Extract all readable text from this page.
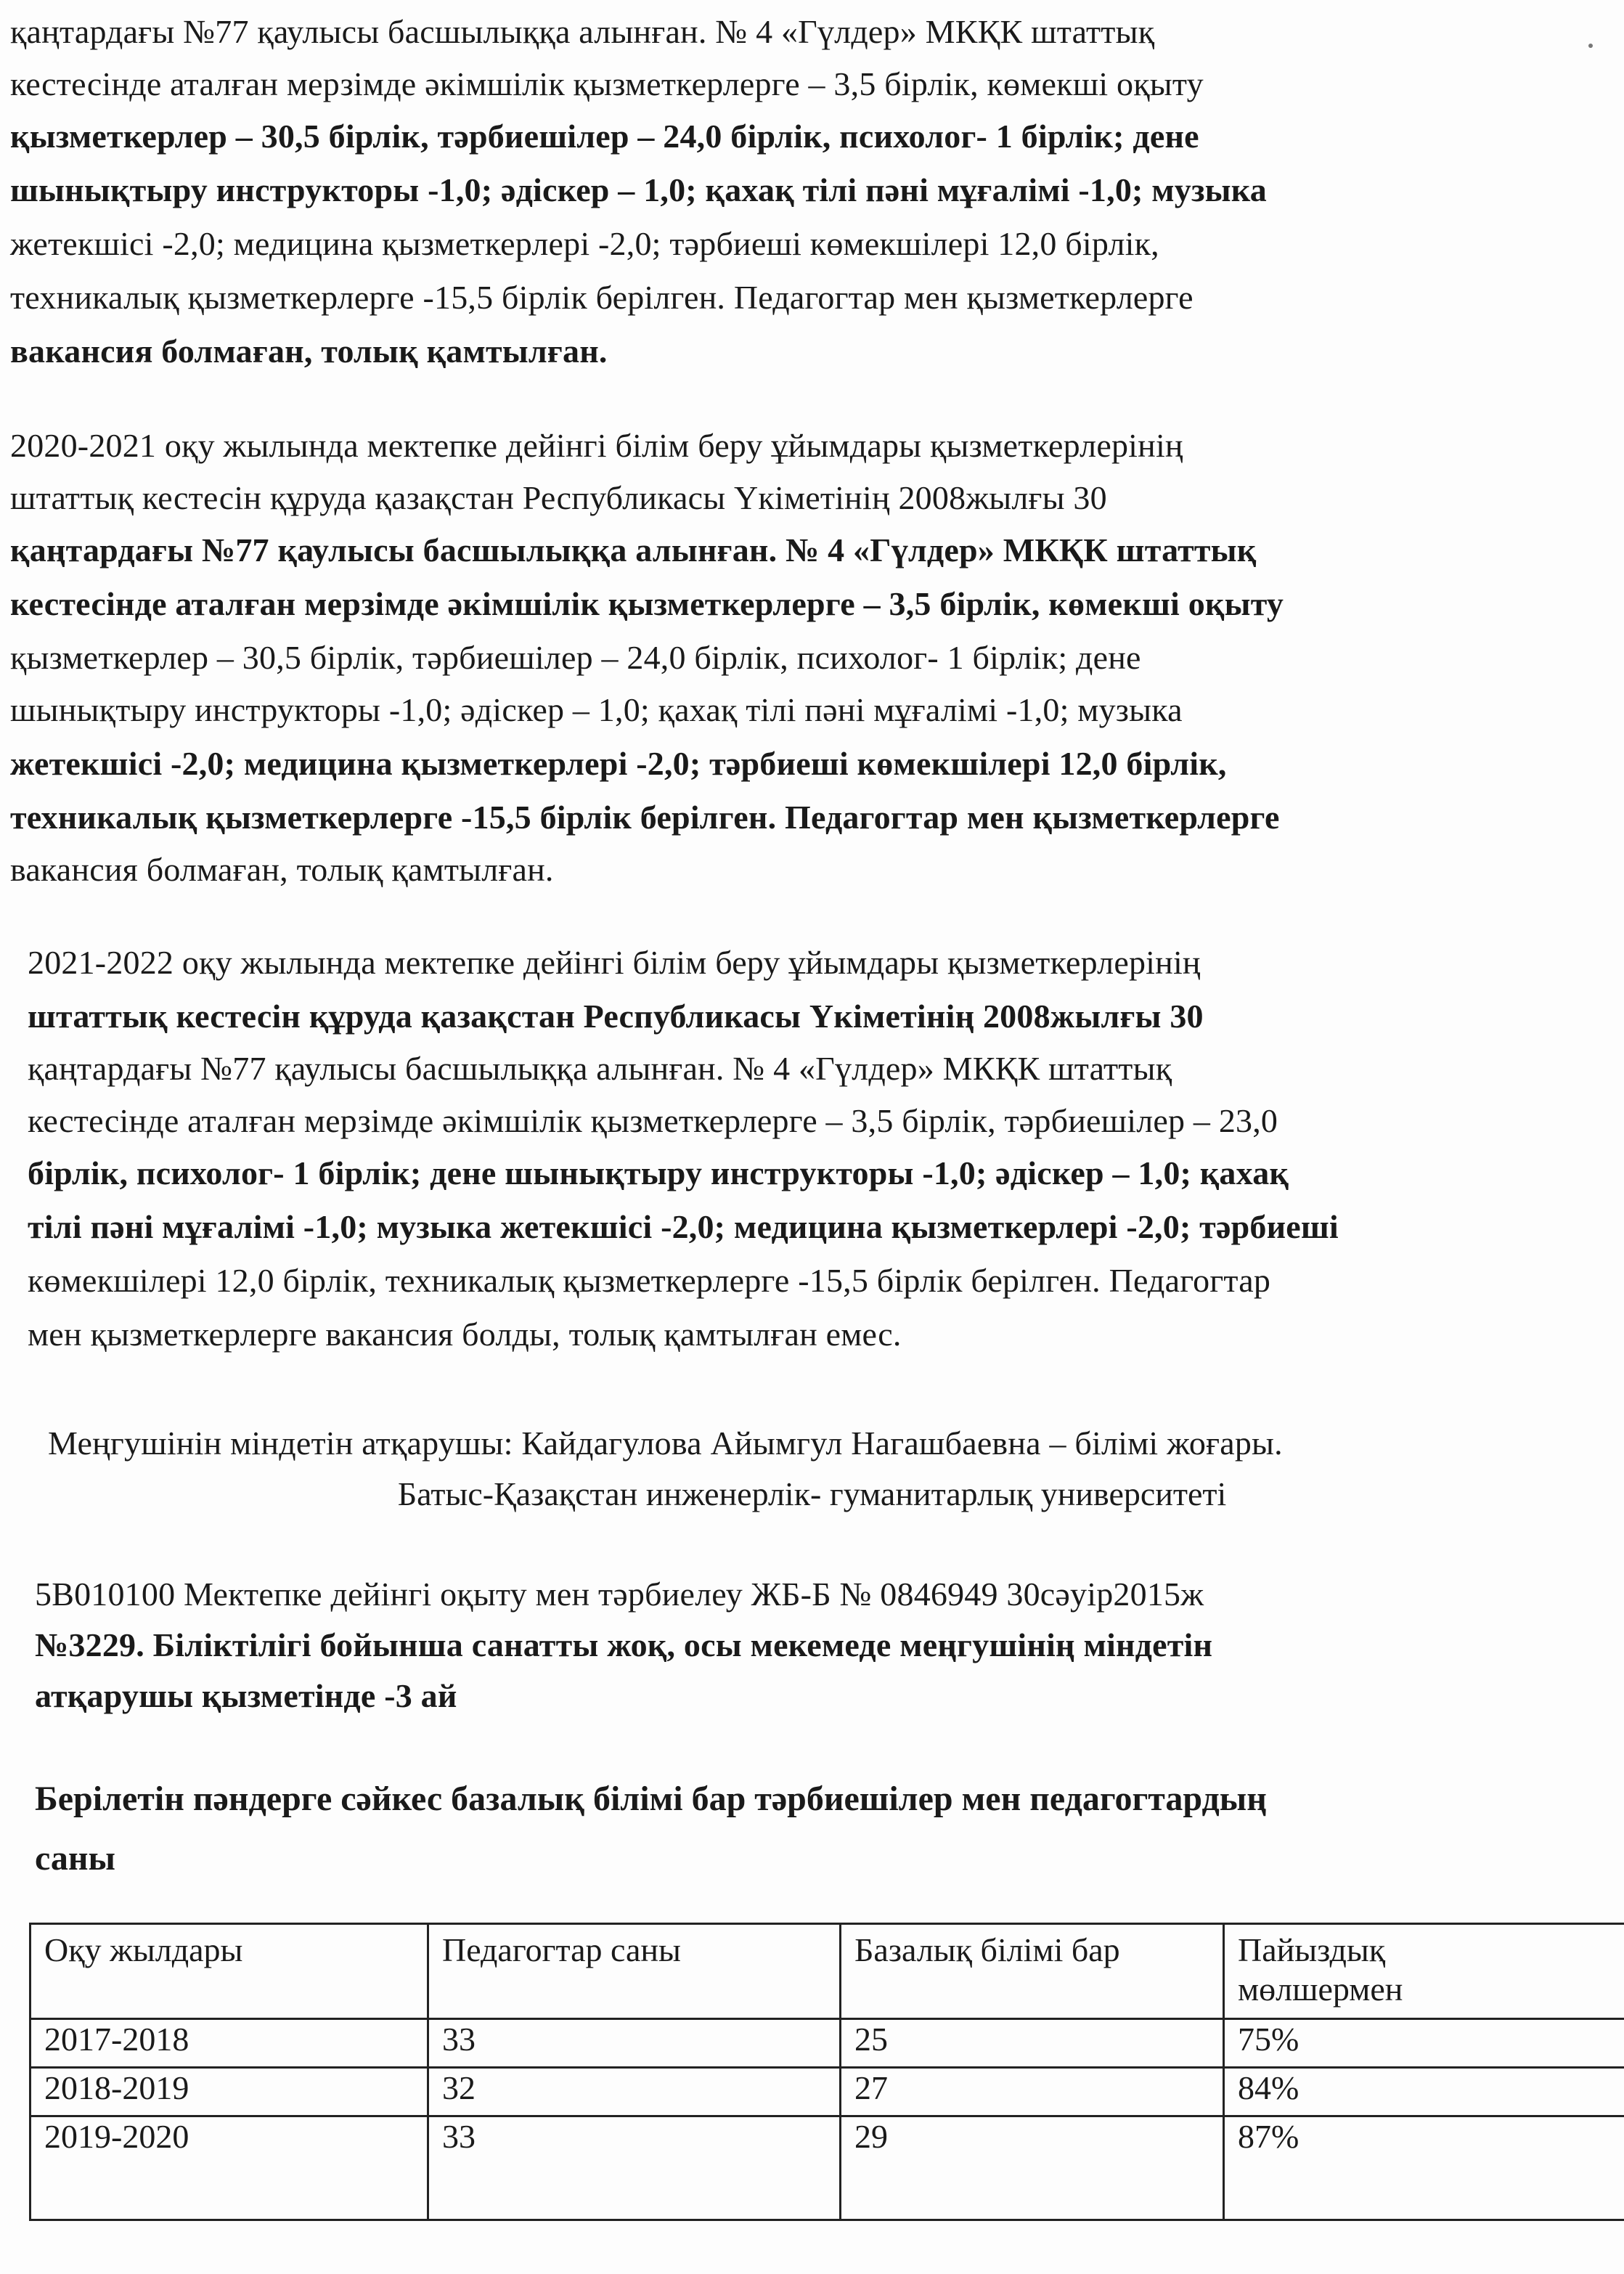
қаңтардағы №77 қаулысы басшылыққа алынған. № 4 «Гүлдер» МКҚК штаттық
кестесінде аталған мерзімде әкімшілік қызметкерлерге – 3,5 бірлік, көмекші оқыту
қызметкерлер – 30,5 бірлік, тәрбиешілер – 24,0 бірлік, психолог- 1 бірлік; дене
шынықтыру инструкторы -1,0; әдіскер – 1,0; қахақ тілі пәні мұғалімі -1,0; музыка
жетекшісі -2,0; медицина қызметкерлері -2,0; тәрбиеші көмекшілері 12,0 бірлік,
техникалық қызметкерлерге -15,5 бірлік берілген. Педагогтар мен қызметкерлерге
вакансия болмаған, толық қамтылған.
2020-2021 оқу жылында мектепке дейінгі білім беру ұйымдары қызметкерлерінің
штаттық кестесін құруда қазақстан Республикасы Үкіметінің 2008жылғы 30
қаңтардағы №77 қаулысы басшылыққа алынған. № 4 «Гүлдер» МКҚК штаттық
кестесінде аталған мерзімде әкімшілік қызметкерлерге – 3,5 бірлік, көмекші оқыту
қызметкерлер – 30,5 бірлік, тәрбиешілер – 24,0 бірлік, психолог- 1 бірлік; дене
шынықтыру инструкторы -1,0; әдіскер – 1,0; қахақ тілі пәні мұғалімі -1,0; музыка
жетекшісі -2,0; медицина қызметкерлері -2,0; тәрбиеші көмекшілері 12,0 бірлік,
техникалық қызметкерлерге -15,5 бірлік берілген. Педагогтар мен қызметкерлерге
вакансия болмаған, толық қамтылған.
2021-2022 оқу жылында мектепке дейінгі білім беру ұйымдары қызметкерлерінің
штаттық кестесін құруда қазақстан Республикасы Үкіметінің 2008жылғы 30
қаңтардағы №77 қаулысы басшылыққа алынған. № 4 «Гүлдер» МКҚК штаттық
кестесінде аталған мерзімде әкімшілік қызметкерлерге – 3,5 бірлік, тәрбиешілер – 23,0
бірлік, психолог- 1 бірлік; дене шынықтыру инструкторы -1,0; әдіскер – 1,0; қахақ
тілі пәні мұғалімі -1,0; музыка жетекшісі -2,0; медицина қызметкерлері -2,0; тәрбиеші
көмекшілері 12,0 бірлік, техникалық қызметкерлерге -15,5 бірлік берілген. Педагогтар
мен қызметкерлерге вакансия болды, толық қамтылған емес.
Меңгушінін міндетін атқарушы: Кайдагулова Айымгул Нагашбаевна – білімі жоғары.
Батыс-Қазақстан инженерлік- гуманитарлық университеті
5В010100 Мектепке дейінгі оқыту мен тәрбиелеу ЖБ-Б № 0846949 30сәуір2015ж
№3229. Біліктілігі бойынша санатты жоқ, осы мекемеде меңгушінің міндетін
атқарушы қызметінде -3 ай
Берілетін пәндерге сәйкес базалық білімі бар тәрбиешілер мен педагогтардың
саны
Оқу жылдары	Педагогтар саны	Базалық білімі бар	Пайыздық
мөлшермен
2017-2018	33	25	75%
2018-2019	32	27	84%
2019-2020	33	29	87%
